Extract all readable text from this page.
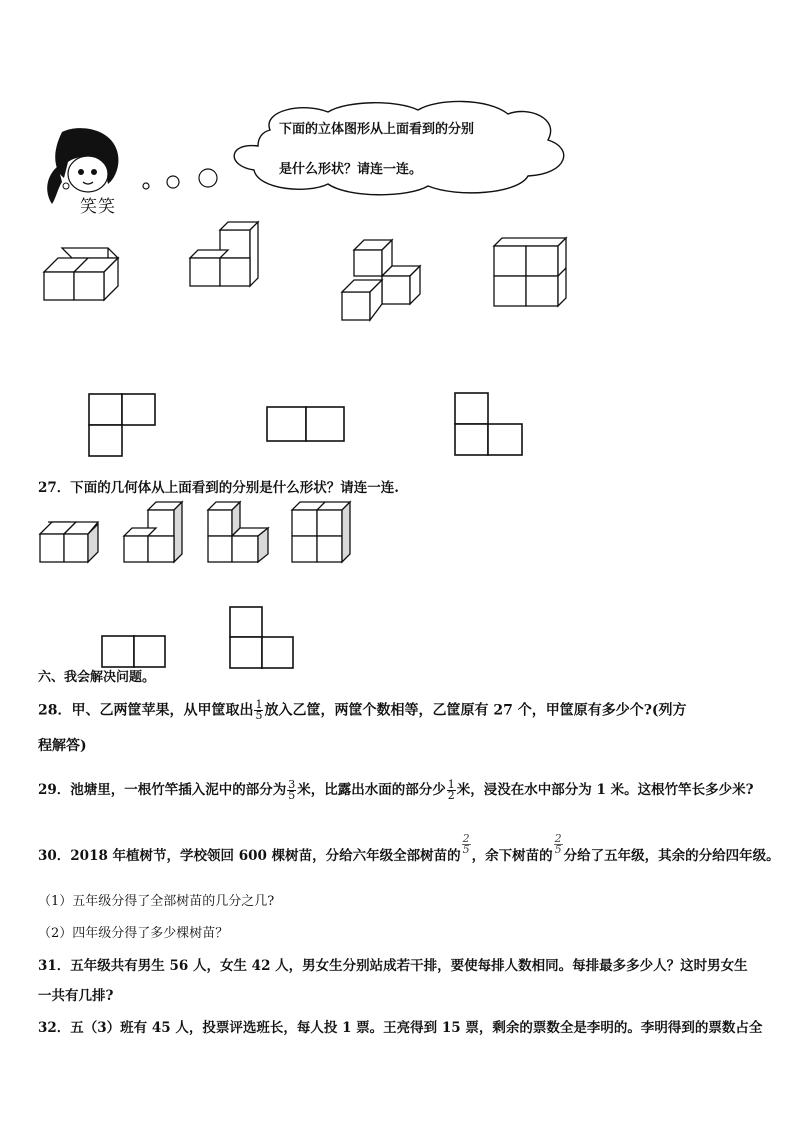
笑笑
下面的立体图形从上面看到的分别
是什么形状？请连一连。
27．下面的几何体从上面看到的分别是什么形状？请连一连.
六、我会解决问题。
28．甲、乙两筐苹果，从甲筐取出 $\frac{1}{5}$ 放入乙筐，两筐个数相等，乙筐原有 27 个，甲筐原有多少个?(列方
程解答)
29．池塘里，一根竹竿插入泥中的部分为 $\frac{3}{5}$ 米，比露出水面的部分少 $\frac{1}{2}$ 米，浸没在水中部分为 1 米。这根竹竿长多少米?
30．2018 年植树节，学校领回 600 棵树苗，分给六年级全部树苗的
$\frac{2}{5}$
，余下树苗的
$\frac{2}{5}$
分给了五年级，其余的分给四年级。
（1）五年级分得了全部树苗的几分之几?
（2）四年级分得了多少棵树苗？
31．五年级共有男生 56 人，女生 42 人，男女生分别站成若干排，要使每排人数相同。每排最多多少人？这时男女生
一共有几排?
32．五（3）班有 45 人，投票评选班长，每人投 1 票。王亮得到 15 票，剩余的票数全是李明的。李明得到的票数占全
